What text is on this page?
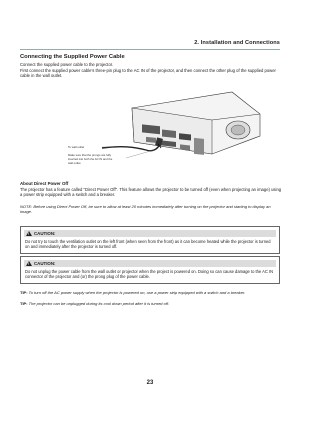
2. Installation and Connections
Connecting the Supplied Power Cable
Connect the supplied power cable to the projector.
First connect the supplied power cable's three-pin plug to the AC IN of the projector, and then connect the other plug of the supplied power cable in the wall outlet.
To wall outlet
Make sure that the prongs are fully
inserted into both the AC IN and the
wall outlet.
About Direct Power Off
The projector has a feature called "Direct Power Off". This feature allows the projector to be turned off (even when projecting an image) using a power strip equipped with a switch and a breaker.
NOTE: Before using Direct Power Off, be sure to allow at least 20 minutes immediately after turning on the projector and starting to display an image.
!
CAUTION:
Do not try to touch the ventilation outlet on the left front (when seen from the front) as it can become heated while the projector is turned on and immediately after the projector is turned off.
!
CAUTION:
Do not unplug the power cable from the wall outlet or projector when the project is powered on. Doing so can cause damage to the AC IN connector of the projector and (or) the prong plug of the power cable.
TIP: To turn off the AC power supply when the projector is powered on, use a power strip equipped with a switch and a breaker.
TIP: The projector can be unplugged during its cool down period after it is turned off.
23
